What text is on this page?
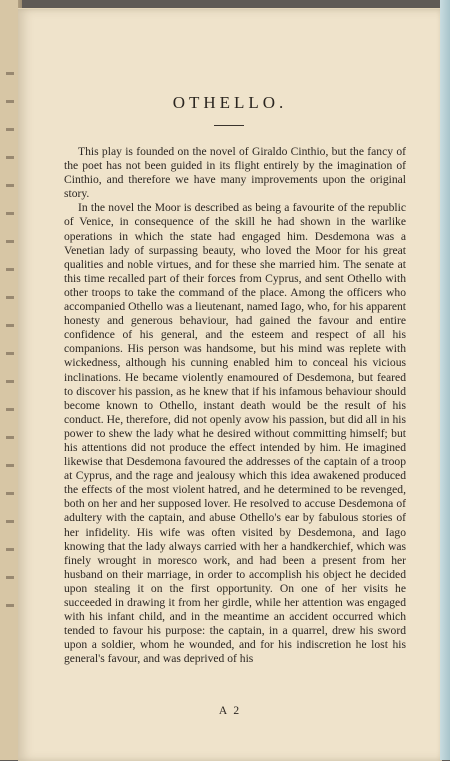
OTHELLO.

This play is founded on the novel of Giraldo Cinthio, but the fancy of the poet has not been guided in its flight entirely by the imagination of Cinthio, and therefore we have many improvements upon the original story.

In the novel the Moor is described as being a favourite of the republic of Venice, in consequence of the skill he had shown in the warlike operations in which the state had engaged him. Desdemona was a Venetian lady of surpassing beauty, who loved the Moor for his great qualities and noble virtues, and for these she married him. The senate at this time recalled part of their forces from Cyprus, and sent Othello with other troops to take the command of the place. Among the officers who accompanied Othello was a lieutenant, named Iago, who, for his apparent honesty and generous behaviour, had gained the favour and entire confidence of his general, and the esteem and respect of all his companions. His person was handsome, but his mind was replete with wickedness, although his cunning enabled him to conceal his vicious inclinations. He became violently enamoured of Desdemona, but feared to discover his passion, as he knew that if his infamous behaviour should become known to Othello, instant death would be the result of his conduct. He, therefore, did not openly avow his passion, but did all in his power to shew the lady what he desired without committing himself; but his attentions did not produce the effect intended by him. He imagined likewise that Desdemona favoured the addresses of the captain of a troop at Cyprus, and the rage and jealousy which this idea awakened produced the effects of the most violent hatred, and he determined to be revenged, both on her and her supposed lover. He resolved to accuse Desdemona of adultery with the captain, and abuse Othello's ear by fabulous stories of her infidelity. His wife was often visited by Desdemona, and Iago knowing that the lady always carried with her a handkerchief, which was finely wrought in moresco work, and had been a present from her husband on their marriage, in order to accomplish his object he decided upon stealing it on the first opportunity. On one of her visits he succeeded in drawing it from her girdle, while her attention was engaged with his infant child, and in the meantime an accident occurred which tended to favour his purpose: the captain, in a quarrel, drew his sword upon a soldier, whom he wounded, and for his indiscretion he lost his general's favour, and was deprived of his

A 2
